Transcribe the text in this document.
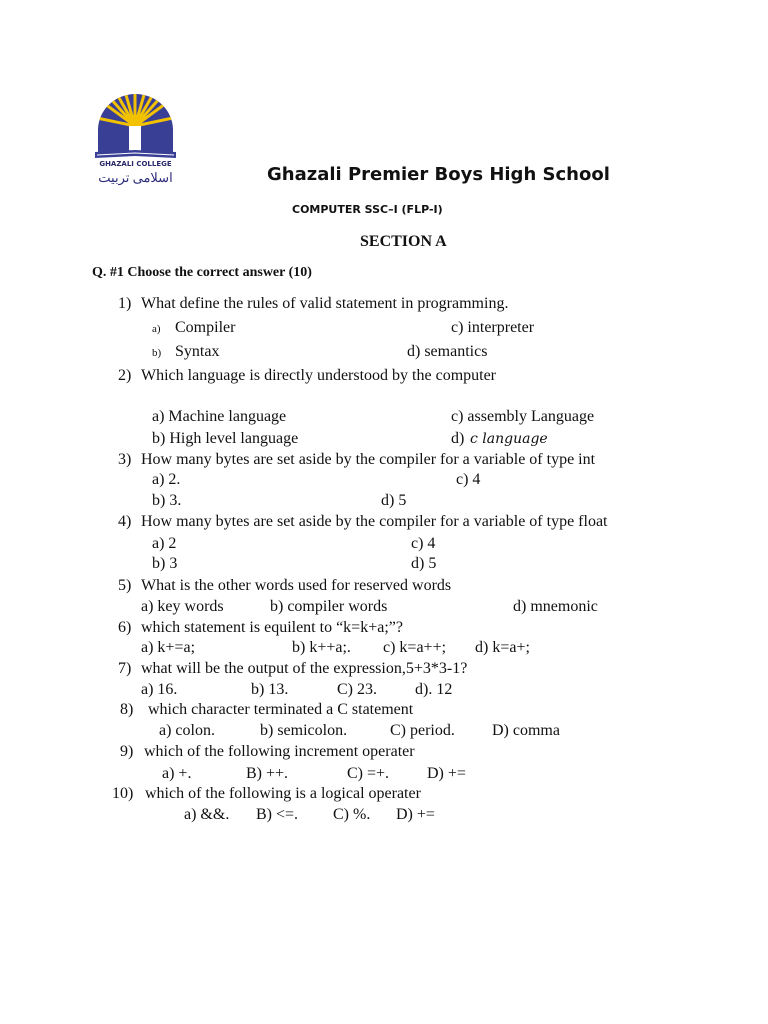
GHAZALI COLLEGE
اسلامی تربیت	Ghazali Premier Boys High School
COMPUTER SSC–I (FLP-I)
SECTION A
Q. #1 Choose the correct answer (10)
1) What define the rules of valid statement in programming.
a) Compiler	c) interpreter
b) Syntax	d) semantics
2) Which language is directly understood by the computer
a) Machine language	c) assembly Language
b) High level language	d) c language
3) How many bytes are set aside by the compiler for a variable of type int
a) 2.	c) 4
b) 3.	d) 5
4) How many bytes are set aside by the compiler for a variable of type float
a) 2	c) 4
b) 3	d) 5
5) What is the other words used for reserved words
a) key words	b) compiler words	d) mnemonic
6) which statement is equilent to “k=k+a;”?
a) k+=a;	b) k++a;. c) k=a++; d) k=a+;
7) what will be the output of the expression,5+3*3-1?
a) 16.	b) 13.	C) 23. d). 12
8) which character terminated a C statement
a) colon.	b) semicolon.	C) period. D) comma
9) which of the following increment operater
a) +.	B) ++.	C) =+. D) +=
10) which of the following is a logical operater
a) &&. B) <=. C) %. D) +=
